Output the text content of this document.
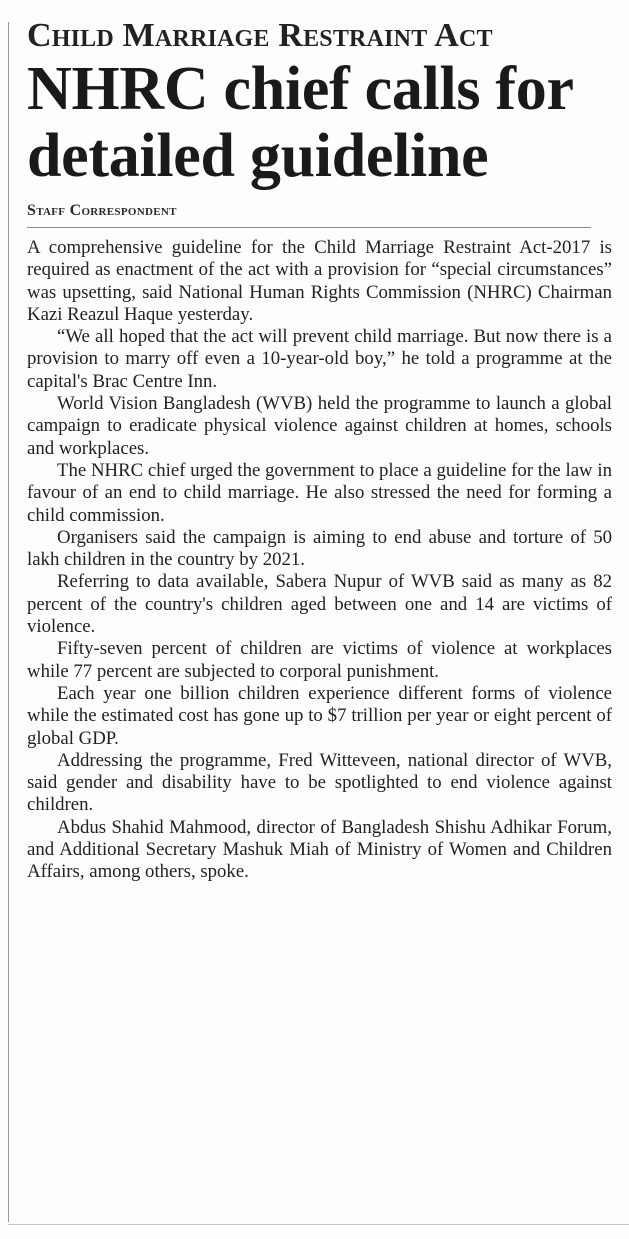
Child Marriage Restraint Act
NHRC chief calls for detailed guideline
Staff Correspondent

A comprehensive guideline for the Child Marriage Restraint Act-2017 is required as enactment of the act with a provision for “special circumstances” was upsetting, said National Human Rights Commission (NHRC) Chairman Kazi Reazul Haque yesterday.

“We all hoped that the act will prevent child marriage. But now there is a provision to marry off even a 10-year-old boy,” he told a programme at the capital's Brac Centre Inn.

World Vision Bangladesh (WVB) held the programme to launch a global campaign to eradicate physical violence against children at homes, schools and workplaces.

The NHRC chief urged the government to place a guideline for the law in favour of an end to child marriage. He also stressed the need for forming a child commission.

Organisers said the campaign is aiming to end abuse and torture of 50 lakh children in the country by 2021.

Referring to data available, Sabera Nupur of WVB said as many as 82 percent of the country's children aged between one and 14 are victims of violence.

Fifty-seven percent of children are victims of violence at workplaces while 77 percent are subjected to corporal punishment.

Each year one billion children experience different forms of violence while the estimated cost has gone up to $7 trillion per year or eight percent of global GDP.

Addressing the programme, Fred Witteveen, national director of WVB, said gender and disability have to be spotlighted to end violence against children.

Abdus Shahid Mahmood, director of Bangladesh Shishu Adhikar Forum, and Additional Secretary Mashuk Miah of Ministry of Women and Children Affairs, among others, spoke.
